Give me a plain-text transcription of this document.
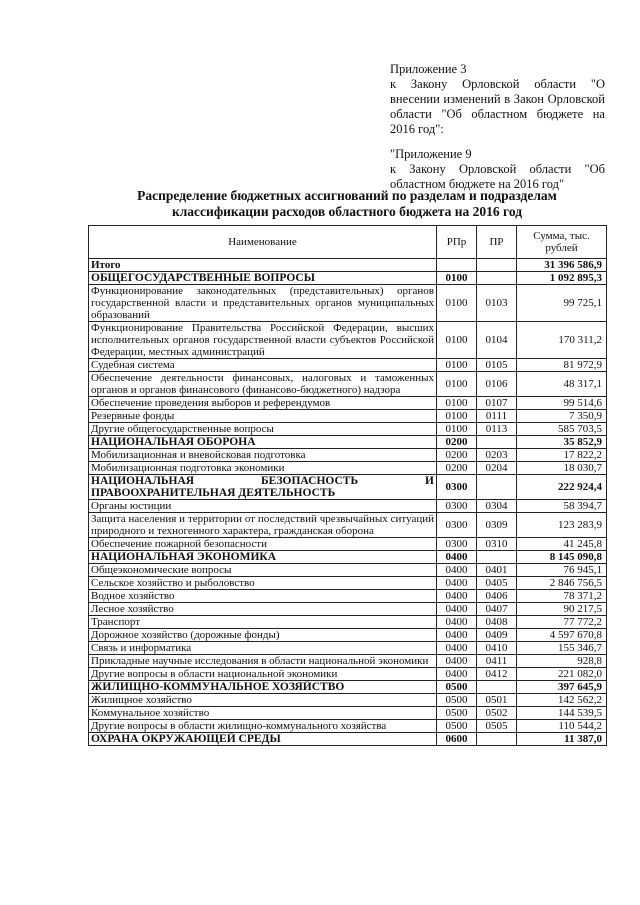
Приложение 3

к Закону Орловской области "О внесении изменений в Закон Орловской области "Об областном бюджете на 2016 год":

"Приложение 9

к Закону Орловской области "Об областном бюджете на 2016 год"

Распределение бюджетных ассигнований по разделам и подразделам классификации расходов областного бюджета на 2016 год
Наименование	РПр	ПР	Сумма, тыс. рублей
Итого			31 396 586,9
ОБЩЕГОСУДАРСТВЕННЫЕ ВОПРОСЫ	0100		1 092 895,3
Функционирование законодательных (представительных) органов государственной власти и представительных органов муниципальных образований	0100	0103	99 725,1
Функционирование Правительства Российской Федерации, высших исполнительных органов государственной власти субъектов Российской Федерации, местных администраций	0100	0104	170 311,2
Судебная система	0100	0105	81 972,9
Обеспечение деятельности финансовых, налоговых и таможенных органов и органов финансового (финансово-бюджетного) надзора	0100	0106	48 317,1
Обеспечение проведения выборов и референдумов	0100	0107	99 514,6
Резервные фонды	0100	0111	7 350,9
Другие общегосударственные вопросы	0100	0113	585 703,5
НАЦИОНАЛЬНАЯ ОБОРОНА	0200		35 852,9
Мобилизационная и вневойсковая подготовка	0200	0203	17 822,2
Мобилизационная подготовка экономики	0200	0204	18 030,7
НАЦИОНАЛЬНАЯ БЕЗОПАСНОСТЬ И ПРАВООХРАНИТЕЛЬНАЯ ДЕЯТЕЛЬНОСТЬ	0300		222 924,4
Органы юстиции	0300	0304	58 394,7
Защита населения и территории от последствий чрезвычайных ситуаций природного и техногенного характера, гражданская оборона	0300	0309	123 283,9
Обеспечение пожарной безопасности	0300	0310	41 245,8
НАЦИОНАЛЬНАЯ ЭКОНОМИКА	0400		8 145 090,8
Общеэкономические вопросы	0400	0401	76 945,1
Сельское хозяйство и рыболовство	0400	0405	2 846 756,5
Водное хозяйство	0400	0406	78 371,2
Лесное хозяйство	0400	0407	90 217,5
Транспорт	0400	0408	77 772,2
Дорожное хозяйство (дорожные фонды)	0400	0409	4 597 670,8
Связь и информатика	0400	0410	155 346,7
Прикладные научные исследования в области национальной экономики	0400	0411	928,8
Другие вопросы в области национальной экономики	0400	0412	221 082,0
ЖИЛИЩНО-КОММУНАЛЬНОЕ ХОЗЯЙСТВО	0500		397 645,9
Жилищное хозяйство	0500	0501	142 562,2
Коммунальное хозяйство	0500	0502	144 539,5
Другие вопросы в области жилищно-коммунального хозяйства	0500	0505	110 544,2
ОХРАНА ОКРУЖАЮЩЕЙ СРЕДЫ	0600		11 387,0
